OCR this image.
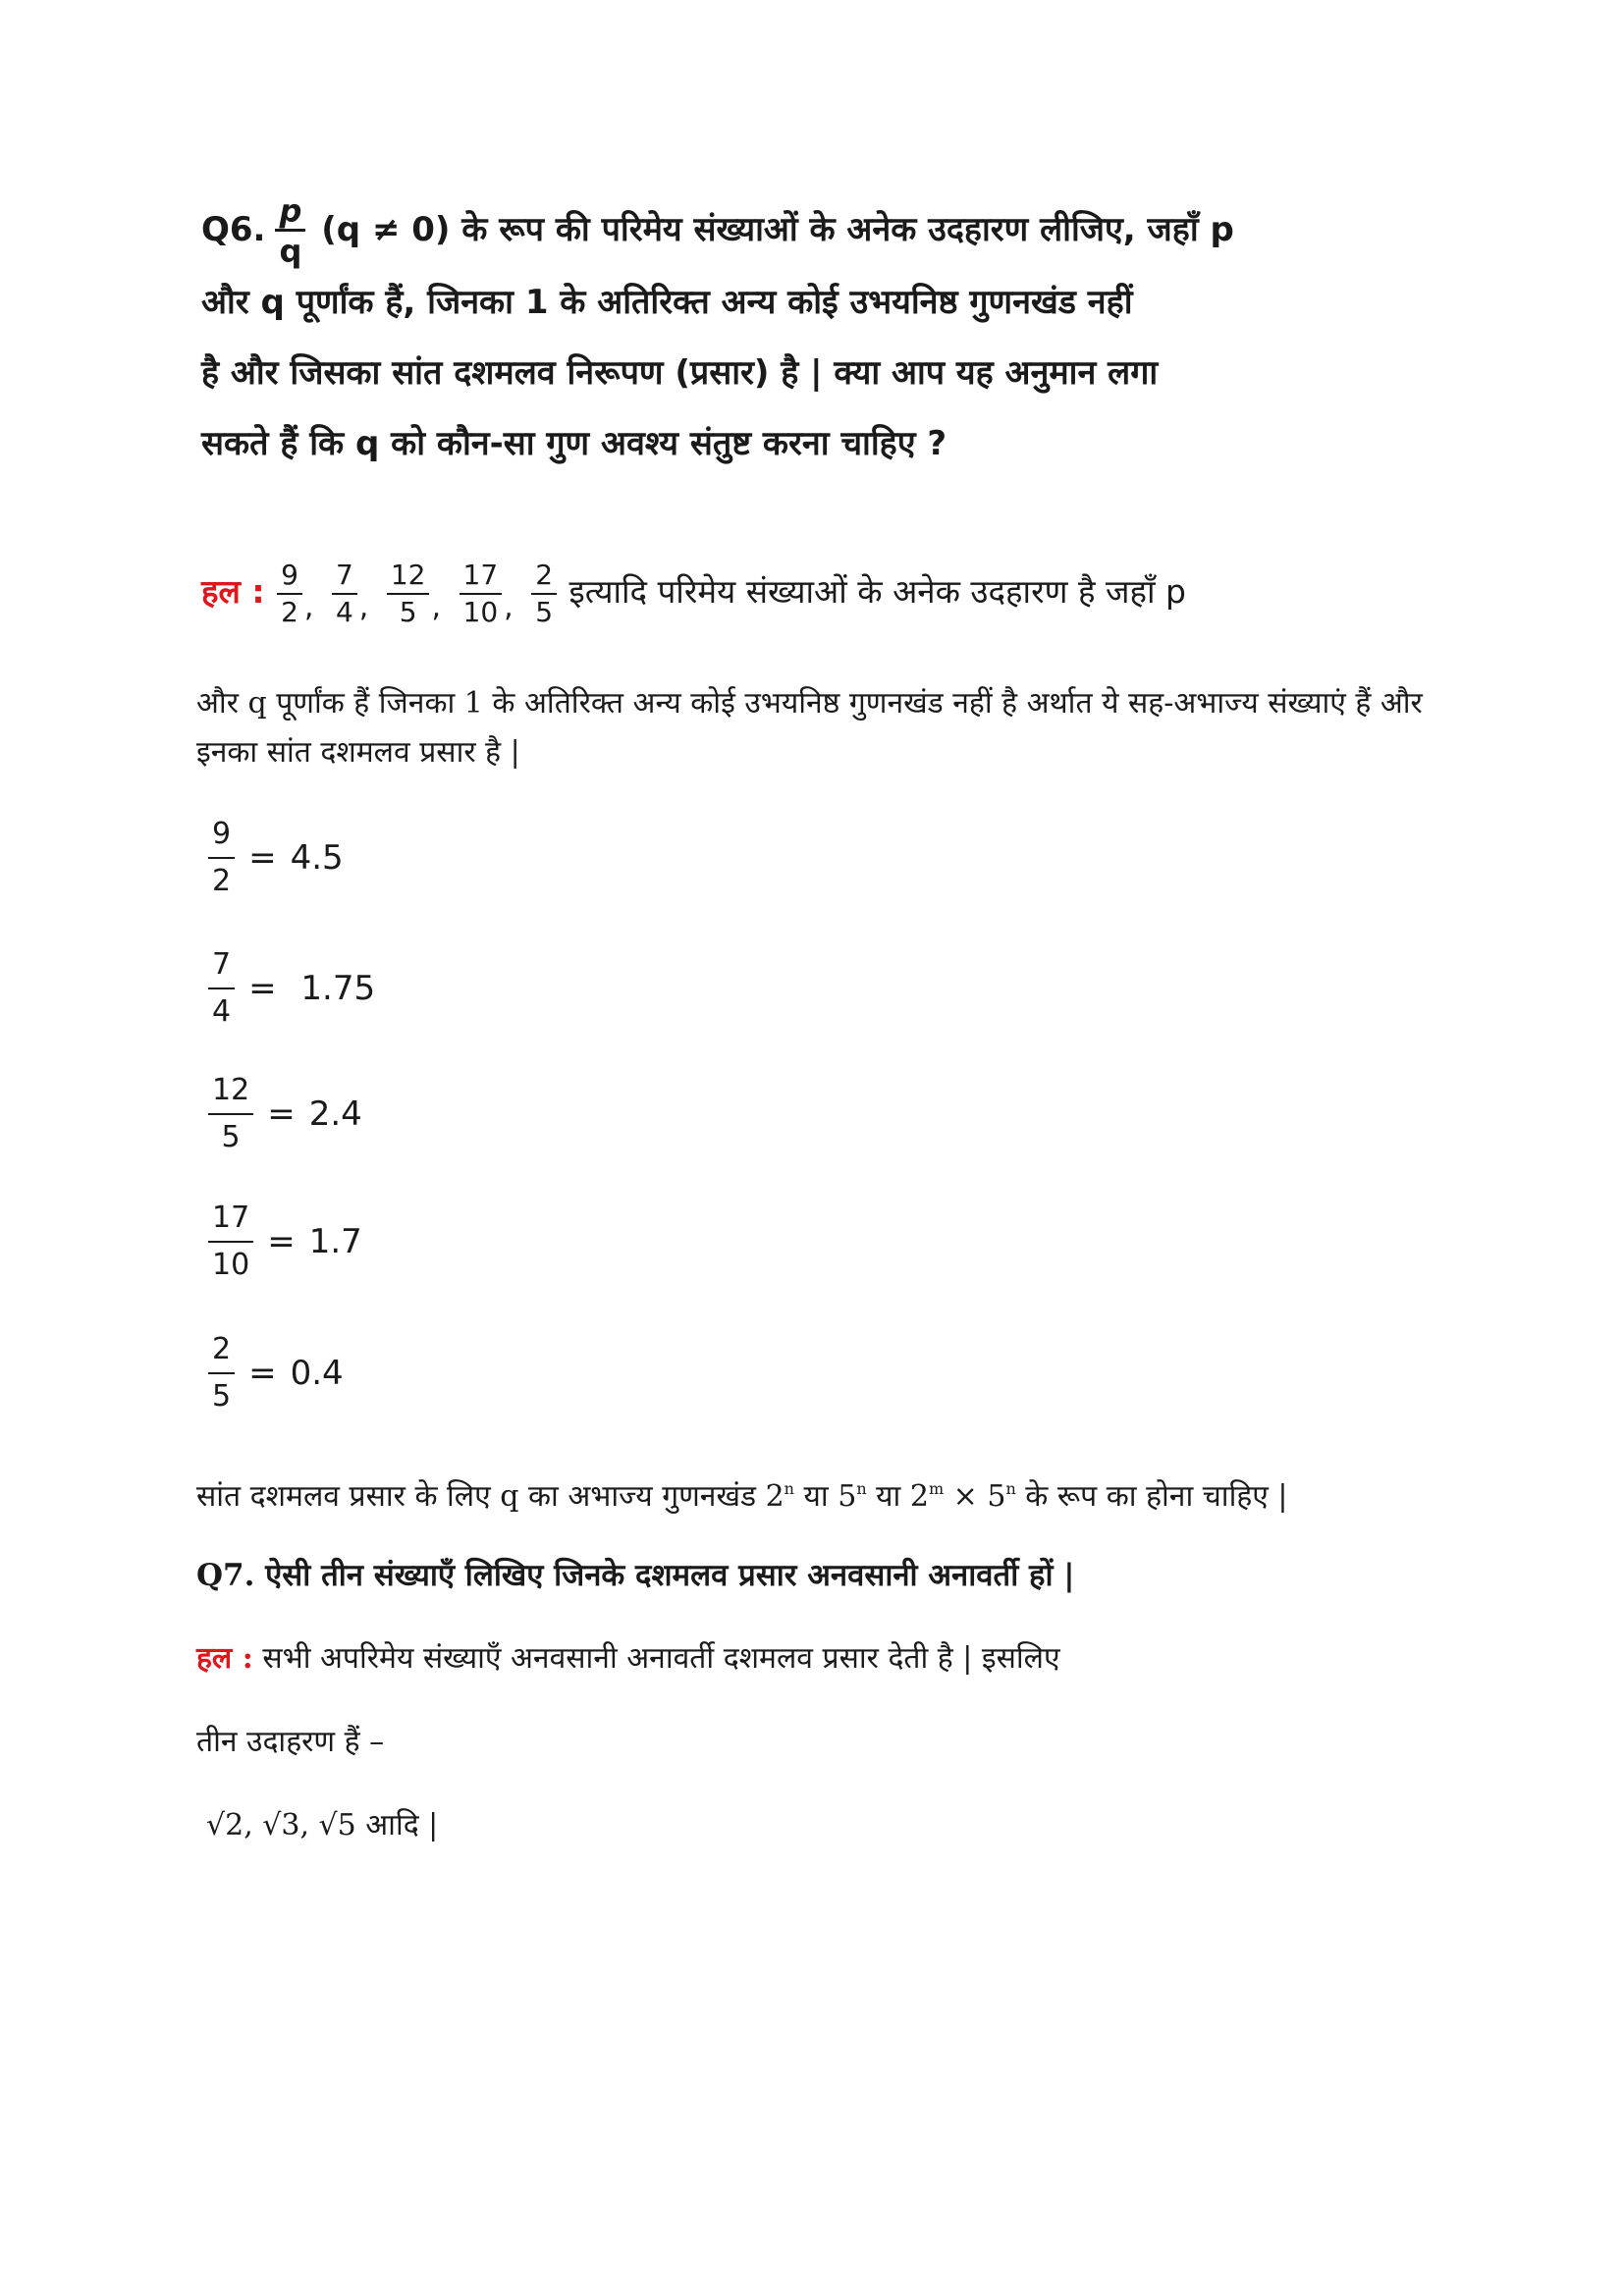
Q6. $\frac{p}{q} (q \ne 0)$ के रूप की परिमेय संख्याओं के अनेक उदहारण लीजिए, जहाँ p
और q पूर्णांक हैं, जिनका 1 के अतिरिक्त अन्य कोई उभयनिष्ठ गुणनखंड नहीं
है और जिसका सांत दशमलव निरूपण (प्रसार) है | क्या आप यह अनुमान लगा
सकते हैं कि q को कौन-सा गुण अवश्य संतुष्ट करना चाहिए ?
हल : $\frac{9}{2}$ , $\frac{7}{4}$ , $\frac{12}{5}$ , $\frac{17}{10}$ , $\frac{2}{5}$ इत्यादि परिमेय संख्याओं के अनेक उदहारण है जहाँ p
और q पूर्णांक हैं जिनका 1 के अतिरिक्त अन्य कोई उभयनिष्ठ गुणनखंड नहीं है अर्थात ये सह-अभाज्य संख्याएं हैं और इनका सांत दशमलव प्रसार है |
$\frac{9}{2} = 4.5$
$\frac{7}{4} = 1.75$
$\frac{12}{5} = 2.4$
$\frac{17}{10} = 1.7$
$\frac{2}{5} = 0.4$
सांत दशमलव प्रसार के लिए q का अभाज्य गुणनखंड 2$^n$ या 5$^n$ या $2^m \times 5^n$ के रूप का होना चाहिए |
Q7. ऐसी तीन संख्याएँ लिखिए जिनके दशमलव प्रसार अनवसानी अनावर्ती हों |
हल : सभी अपरिमेय संख्याएँ अनवसानी अनावर्ती दशमलव प्रसार देती है | इसलिए
तीन उदाहरण हैं –
√2, √3, √5 आदि |
